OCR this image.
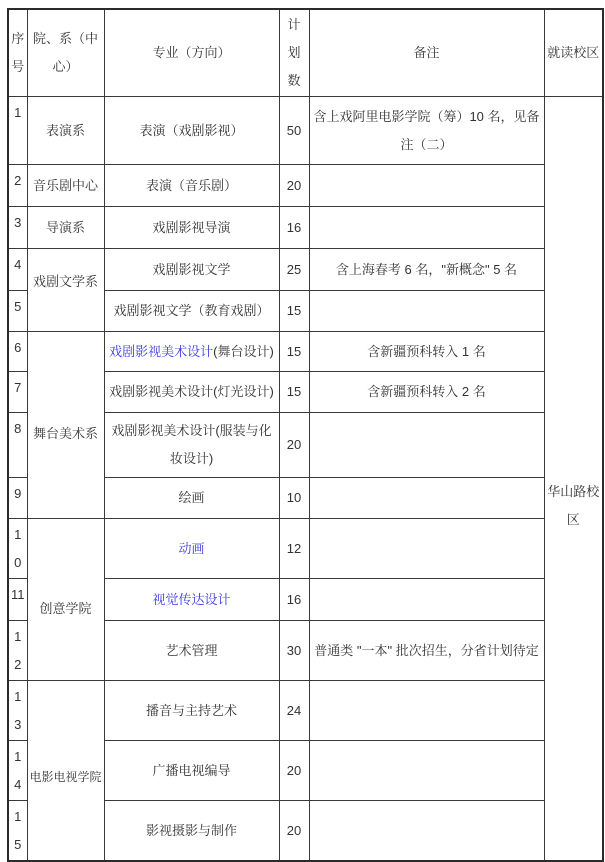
序号	院、系（中心）	专业（方向）	计划数	备注	就读校区
1	表演系	表演（戏剧影视）	50	含上戏阿里电影学院（筹）10 名，见备注（二）	华山路校区
2	音乐剧中心	表演（音乐剧）	20		
3	导演系	戏剧影视导演	16		
4	戏剧文学系	戏剧影视文学	25	含上海春考 6 名，"新概念" 5 名	
5		戏剧影视文学（教育戏剧）	15		
6	舞台美术系	戏剧影视美术设计(舞台设计)	15	含新疆预科转入 1 名	
7		戏剧影视美术设计(灯光设计)	15	含新疆预科转入 2 名	
8		戏剧影视美术设计(服装与化妆设计)	20		
9		绘画	10		
10	创意学院	动画	12		
11		视觉传达设计	16		
12		艺术管理	30	普通类 "一本" 批次招生，分省计划待定	
13	电影电视学院	播音与主持艺术	24		
14		广播电视编导	20		
15		影视摄影与制作	20		
